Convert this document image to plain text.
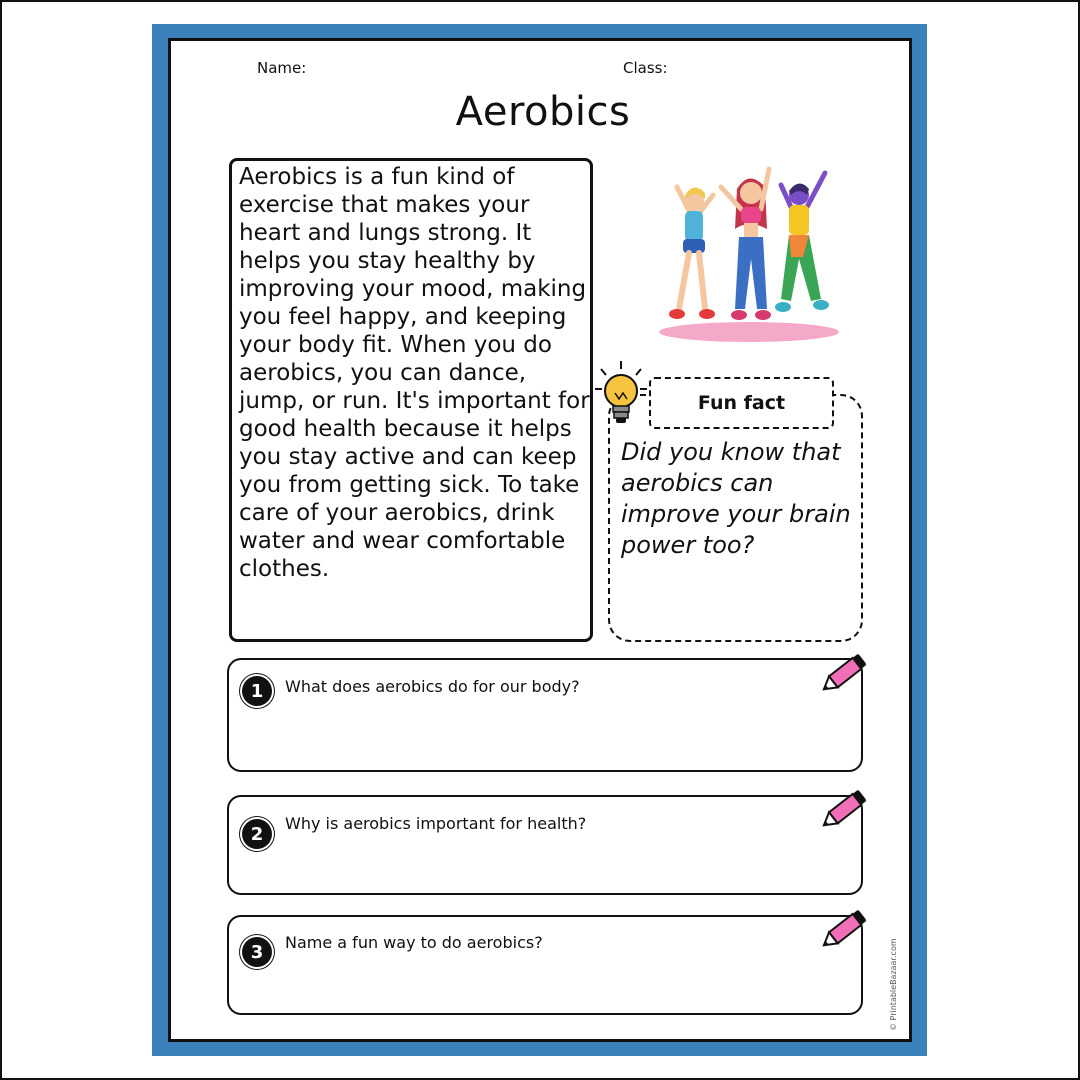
Name:	Class:
Aerobics

Aerobics is a fun kind of exercise that makes your heart and lungs strong. It helps you stay healthy by improving your mood, making you feel happy, and keeping your body fit. When you do aerobics, you can dance, jump, or run. It's important for good health because it helps you stay active and can keep you from getting sick. To take care of your aerobics, drink water and wear comfortable clothes.

Fun fact

Did you know that aerobics can improve your brain power too?

1	What does aerobics do for our body?
2	Why is aerobics important for health?
3	Name a fun way to do aerobics?	© PrintableBazaar.com
